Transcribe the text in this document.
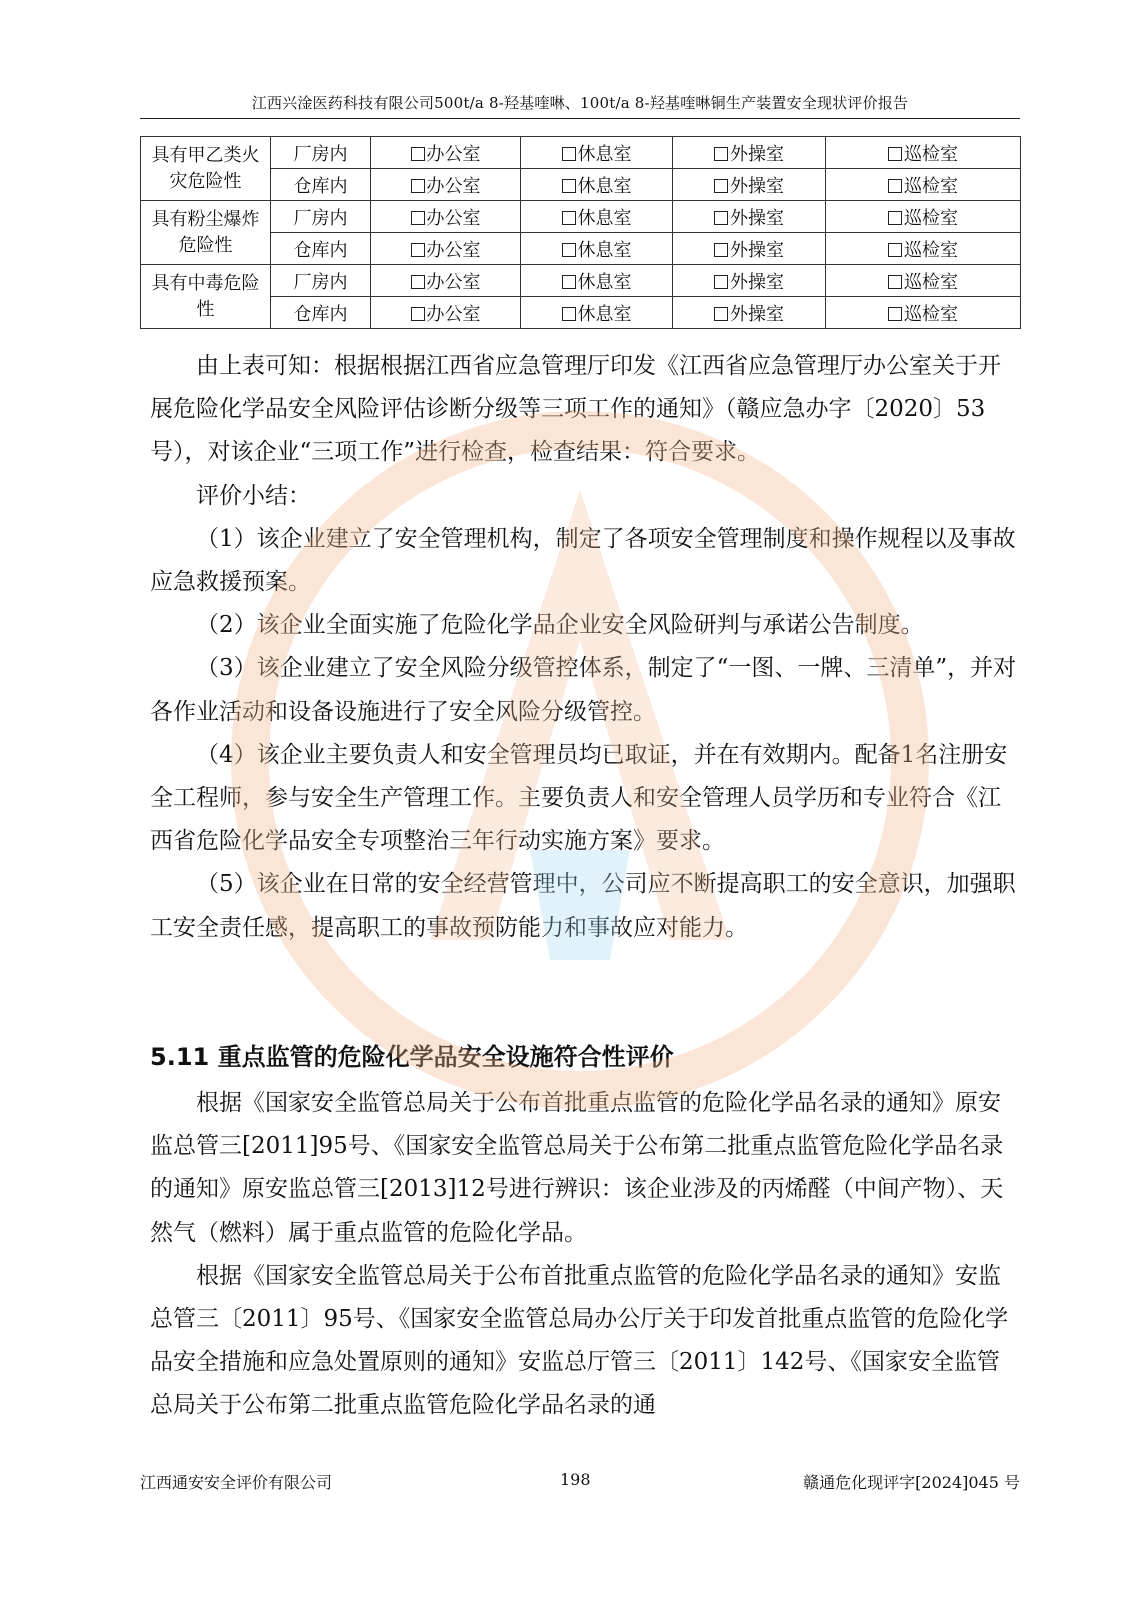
江西兴淦医药科技有限公司500t/a 8-羟基喹啉、100t/a 8-羟基喹啉铜生产装置安全现状评价报告
具有甲乙类火灾危险性	厂房内	办公室	休息室	外操室	巡检室
	仓库内	办公室	休息室	外操室	巡检室
具有粉尘爆炸危险性	厂房内	办公室	休息室	外操室	巡检室
	仓库内	办公室	休息室	外操室	巡检室
具有中毒危险性	厂房内	办公室	休息室	外操室	巡检室
	仓库内	办公室	休息室	外操室	巡检室

由上表可知：根据根据江西省应急管理厅印发《江西省应急管理厅办公室关于开展危险化学品安全风险评估诊断分级等三项工作的通知》（赣应急办字〔2020〕53号），对该企业“三项工作”进行检查，检查结果：符合要求。

评价小结：

（1）该企业建立了安全管理机构，制定了各项安全管理制度和操作规程以及事故应急救援预案。

（2）该企业全面实施了危险化学品企业安全风险研判与承诺公告制度。

（3）该企业建立了安全风险分级管控体系，制定了“一图、一牌、三清单”，并对各作业活动和设备设施进行了安全风险分级管控。

（4）该企业主要负责人和安全管理员均已取证，并在有效期内。配备1名注册安全工程师，参与安全生产管理工作。主要负责人和安全管理人员学历和专业符合《江西省危险化学品安全专项整治三年行动实施方案》要求。

（5）该企业在日常的安全经营管理中，公司应不断提高职工的安全意识，加强职工安全责任感，提高职工的事故预防能力和事故应对能力。

5.11 重点监管的危险化学品安全设施符合性评价

根据《国家安全监管总局关于公布首批重点监管的危险化学品名录的通知》原安监总管三[2011]95号、《国家安全监管总局关于公布第二批重点监管危险化学品名录的通知》原安监总管三[2013]12号进行辨识：该企业涉及的丙烯醛（中间产物）、天然气（燃料）属于重点监管的危险化学品。

根据《国家安全监管总局关于公布首批重点监管的危险化学品名录的通知》安监总管三〔2011〕95号、《国家安全监管总局办公厅关于印发首批重点监管的危险化学品安全措施和应急处置原则的通知》安监总厅管三〔2011〕142号、《国家安全监管总局关于公布第二批重点监管危险化学品名录的通

江西通安安全评价有限公司	198	赣通危化现评字[2024]045 号
